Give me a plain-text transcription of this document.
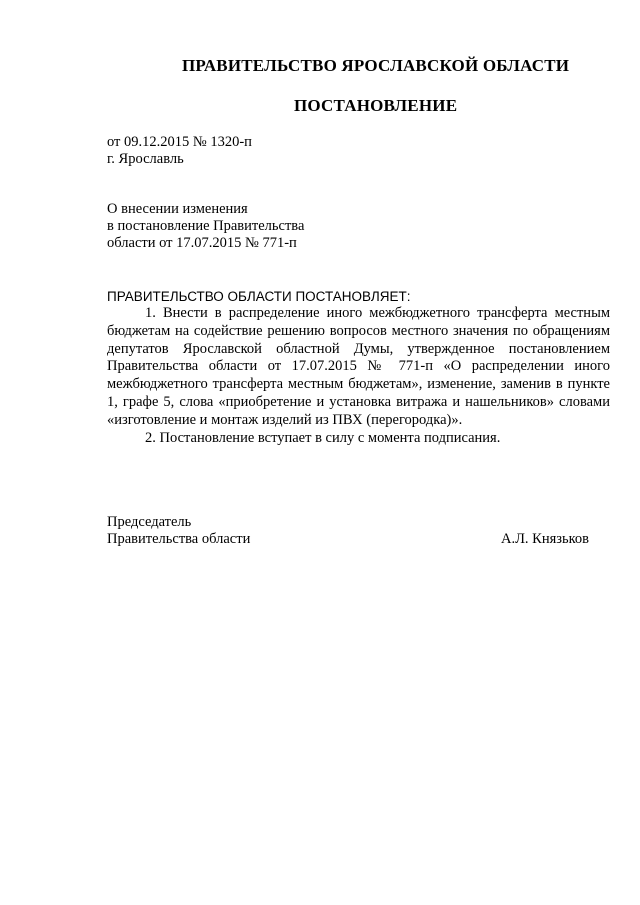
ПРАВИТЕЛЬСТВО ЯРОСЛАВСКОЙ ОБЛАСТИ
ПОСТАНОВЛЕНИЕ
от 09.12.2015 № 1320-п
г. Ярославль
О внесении изменения
в постановление Правительства
области от 17.07.2015 № 771-п
ПРАВИТЕЛЬСТВО ОБЛАСТИ ПОСТАНОВЛЯЕТ:

1. Внести в распределение иного межбюджетного трансферта местным бюджетам на содействие решению вопросов местного значения по обращениям депутатов Ярославской областной Думы, утвержденное постановлением Правительства области от 17.07.2015 № 771-п «О распределении иного межбюджетного трансферта местным бюджетам», изменение, заменив в пункте 1, графе 5, слова «приобретение и установка витража и нашельников» словами «изготовление и монтаж изделий из ПВХ (перегородка)».

2. Постановление вступает в силу с момента подписания.

Председатель
Правительства области	А.Л. Князьков
